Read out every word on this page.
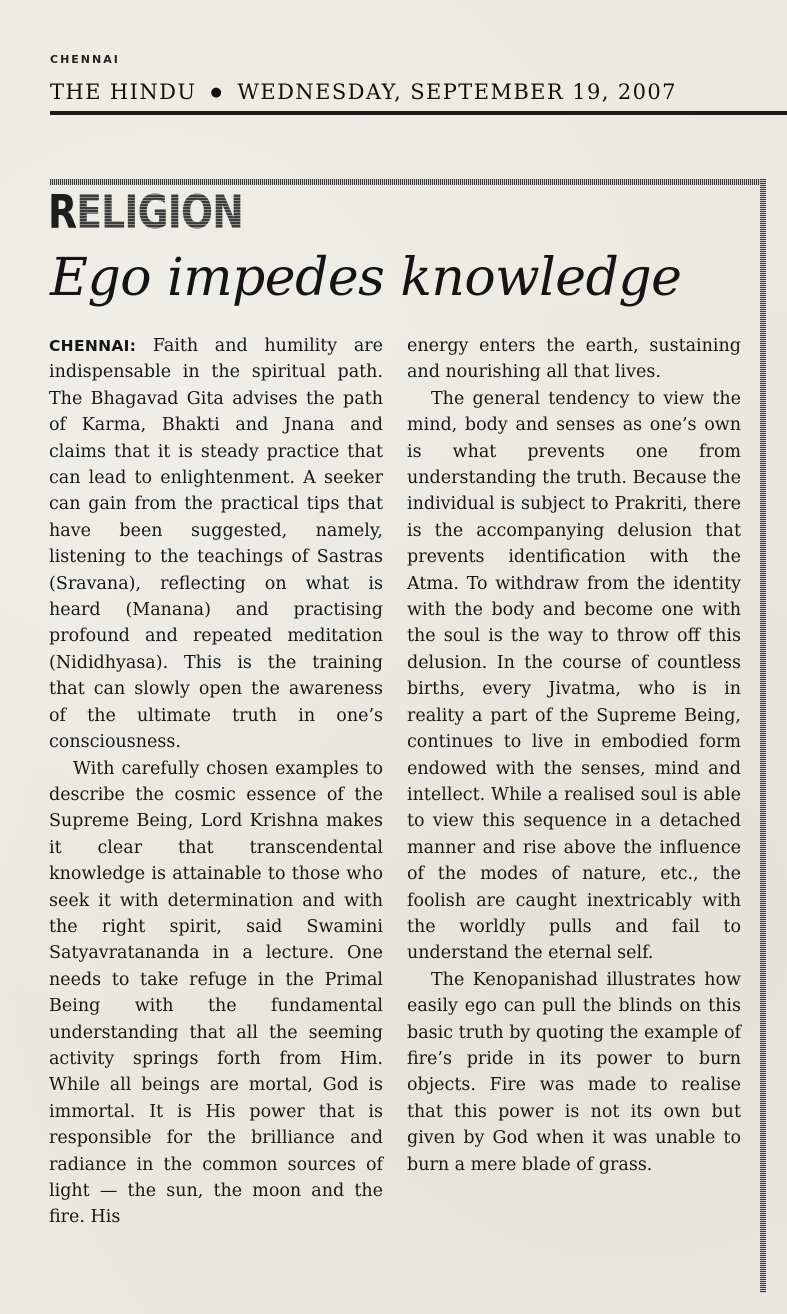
CHENNAI
THE HINDU ● WEDNESDAY, SEPTEMBER 19, 2007
RELIGION
Ego impedes knowledge

CHENNAI: Faith and humility are indispensable in the spiritual path. The Bhagavad Gita advises the path of Karma, Bhakti and Jnana and claims that it is steady practice that can lead to enlightenment. A seeker can gain from the practical tips that have been suggested, namely, listening to the teachings of Sastras (Sravana), reflecting on what is heard (Manana) and practising profound and repeated meditation (Nididhyasa). This is the training that can slowly open the awareness of the ultimate truth in one’s consciousness.

With carefully chosen examples to describe the cosmic essence of the Supreme Being, Lord Krishna makes it clear that transcendental knowledge is attainable to those who seek it with determination and with the right spirit, said Swamini Satyavratananda in a lecture. One needs to take refuge in the Primal Being with the fundamental understanding that all the seeming activity springs forth from Him. While all beings are mortal, God is immortal. It is His power that is responsible for the brilliance and radiance in the common sources of light — the sun, the moon and the fire. His

energy enters the earth, sustaining and nourishing all that lives.

The general tendency to view the mind, body and senses as one’s own is what prevents one from understanding the truth. Because the individual is subject to Prakriti, there is the accompanying delusion that prevents identification with the Atma. To withdraw from the identity with the body and become one with the soul is the way to throw off this delusion. In the course of countless births, every Jivatma, who is in reality a part of the Supreme Being, continues to live in embodied form endowed with the senses, mind and intellect. While a realised soul is able to view this sequence in a detached manner and rise above the influence of the modes of nature, etc., the foolish are caught inextricably with the worldly pulls and fail to understand the eternal self.

The Kenopanishad illustrates how easily ego can pull the blinds on this basic truth by quoting the example of fire’s pride in its power to burn objects. Fire was made to realise that this power is not its own but given by God when it was unable to burn a mere blade of grass.
